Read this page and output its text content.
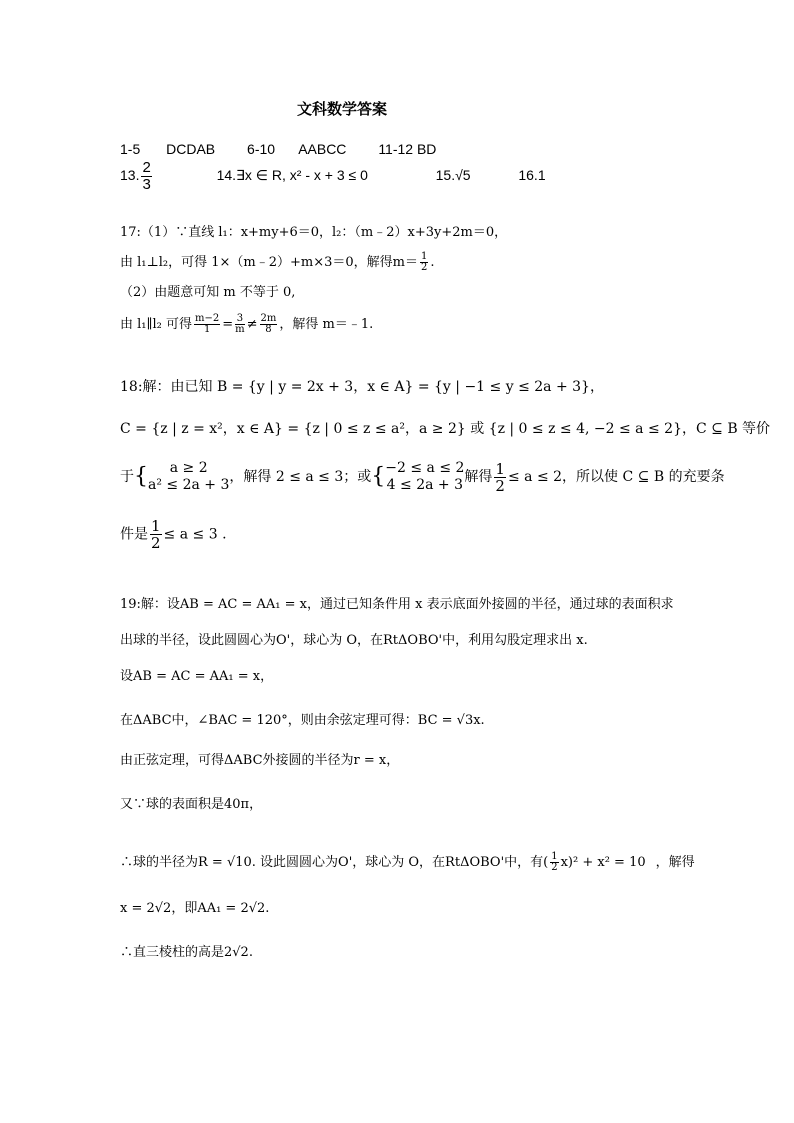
文科数学答案
1-5 DCDAB 6-10 AABCC 11-12 BD
13. $\frac{2}{3}$	14.∃x ∈ R, x² - x + 3 ≤ 0	15.√5	16.1
17:（1）∵直线 l₁：x+my+6＝0，l₂：（m﹣2）x+3y+2m＝0，
由 l₁⊥l₂，可得 1×（m﹣2）+m×3＝0，解得$m= \frac{1}{2}$ .
（2）由题意可知 m 不等于 0,
由 l₁∥l₂ 可得 $\frac{m-2}{1} = \frac{3}{m} \ne \frac{2m}{8}$ ，解得 m＝﹣1.
18:解：由已知 B = {y | y = 2x + 3，x ∈ A} = {y | −1 ≤ y ≤ 2a + 3}，
C = {z | z = x²，x ∈ A} = {z | 0 ≤ z ≤ a²，a ≥ 2} 或 {z | 0 ≤ z ≤ 4, −2 ≤ a ≤ 2}，C ⊆ B 等价
于{ a ≥ 2
a² ≤ 2a + 3，解得 2 ≤ a ≤ 3；或{−2 ≤ a ≤ 2
4 ≤ 2a + 3解得 $\frac{1}{2} \le a \le 2$，所以使 C ⊆ B 的充要条
件是 $\frac{1}{2} \le a \le 3$ .
19:解：设AB = AC = AA₁ = x，通过已知条件用 x 表示底面外接圆的半径，通过球的表面积求
出球的半径，设此圆圆心为O'，球心为 O，在RtΔOBO'中，利用勾股定理求出 x.
设AB = AC = AA₁ = x，
在ΔABC中，∠BAC = 120°，则由余弦定理可得：BC = √3x.
由正弦定理，可得ΔABC外接圆的半径为r = x，
又∵球的表面积是40π，
∴球的半径为R = √10. 设此圆圆心为O'，球心为 O，在RtΔOBO'中，有( $\frac{1}{2} x)^2 + x^2 = 10$ ，解得
x = 2√2，即AA₁ = 2√2.
∴直三棱柱的高是2√2.
